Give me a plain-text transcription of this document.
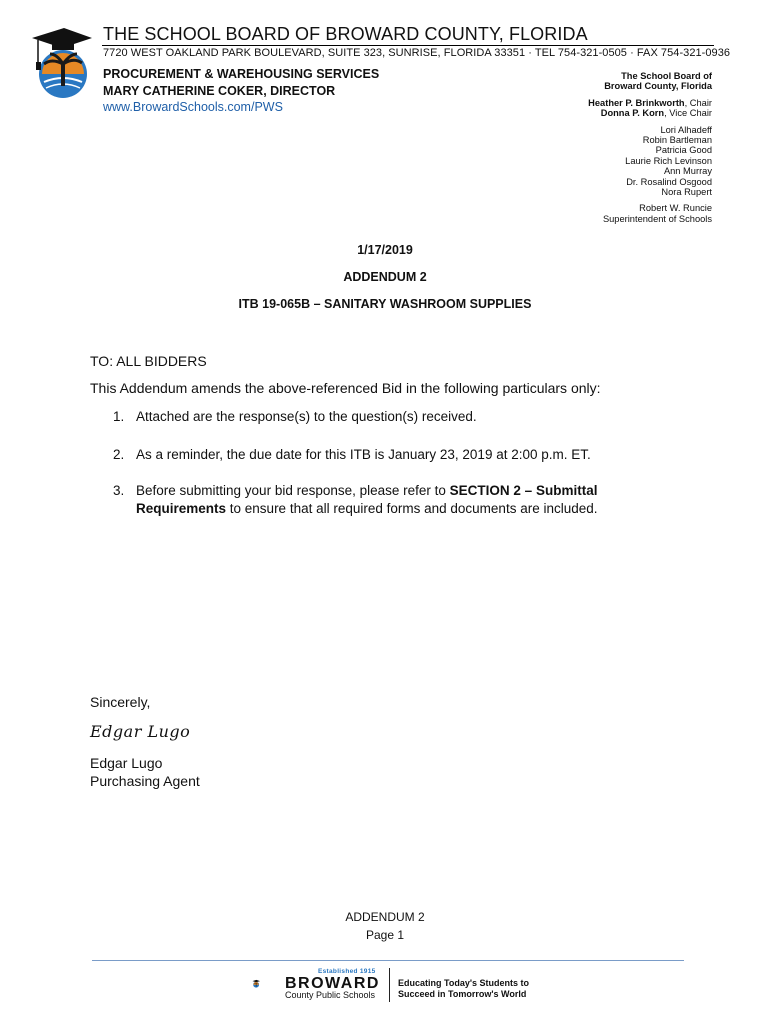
THE SCHOOL BOARD OF BROWARD COUNTY, FLORIDA
7720 WEST OAKLAND PARK BOULEVARD, SUITE 323, SUNRISE, FLORIDA 33351 · TEL 754-321-0505 · FAX 754-321-0936
PROCUREMENT & WAREHOUSING SERVICES
MARY CATHERINE COKER, DIRECTOR
www.BrowardSchools.com/PWS
The School Board of
Broward County, Florida
Heather P. Brinkworth, Chair
Donna P. Korn, Vice Chair
Lori Alhadeff
Robin Bartleman
Patricia Good
Laurie Rich Levinson
Ann Murray
Dr. Rosalind Osgood
Nora Rupert
Robert W. Runcie
Superintendent of Schools
1/17/2019
ADDENDUM 2
ITB 19-065B – SANITARY WASHROOM SUPPLIES
TO: ALL BIDDERS
This Addendum amends the above-referenced Bid in the following particulars only:
1. Attached are the response(s) to the question(s) received.
2. As a reminder, the due date for this ITB is January 23, 2019 at 2:00 p.m. ET.
3. Before submitting your bid response, please refer to SECTION 2 – Submittal Requirements to ensure that all required forms and documents are included.
Sincerely,
Edgar Lugo
Edgar Lugo
Purchasing Agent
ADDENDUM 2
Page 1
Established 1915
BROWARD
County Public Schools
Educating Today's Students to
Succeed in Tomorrow's World
